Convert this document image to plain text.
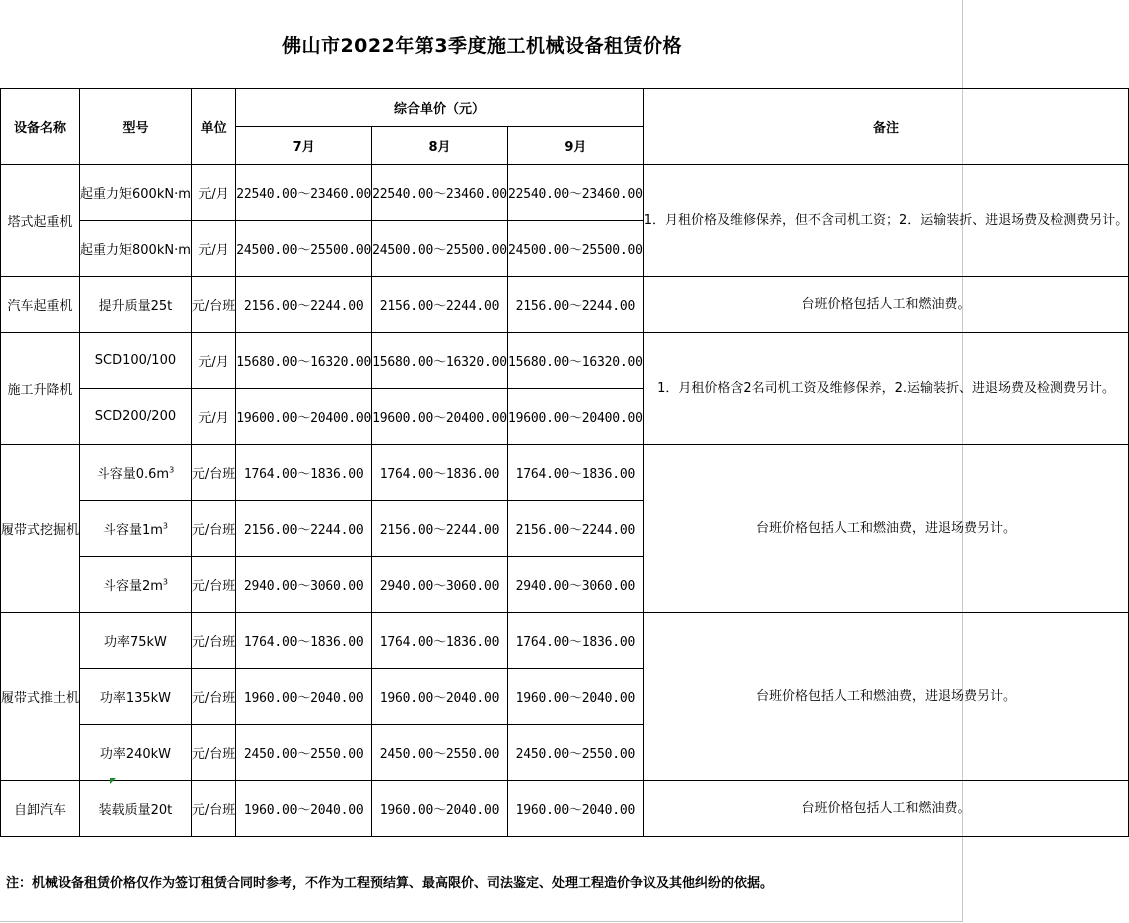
佛山市2022年第3季度施工机械设备租赁价格
设备名称	型号	单位	综合单价（元）			备注
			7月	8月	9月	
塔式起重机	起重力矩600kN·m	元/月	22540.00～23460.00	22540.00～23460.00	22540.00～23460.00	1．月租价格及维修保养，但不含司机工资；2．运输装折、进退场费及检测费另计。
	起重力矩800kN·m	元/月	24500.00～25500.00	24500.00～25500.00	24500.00～25500.00	
汽车起重机	提升质量25t	元/台班	2156.00～2244.00	2156.00～2244.00	2156.00～2244.00	台班价格包括人工和燃油费。
施工升降机	SCD100/100	元/月	15680.00～16320.00	15680.00～16320.00	15680.00～16320.00	1．月租价格含2名司机工资及维修保养，2.运输装折、进退场费及检测费另计。
	SCD200/200	元/月	19600.00～20400.00	19600.00～20400.00	19600.00～20400.00	
履带式挖掘机	斗容量$0.6m^3$	元/台班	1764.00～1836.00	1764.00～1836.00	1764.00～1836.00	台班价格包括人工和燃油费，进退场费另计。
	斗容量$1m^3$	元/台班	2156.00～2244.00	2156.00～2244.00	2156.00～2244.00	
	斗容量$2m^3$	元/台班	2940.00～3060.00	2940.00～3060.00	2940.00～3060.00	
履带式推土机	功率75kW	元/台班	1764.00～1836.00	1764.00～1836.00	1764.00～1836.00	台班价格包括人工和燃油费，进退场费另计。
	功率135kW	元/台班	1960.00～2040.00	1960.00～2040.00	1960.00～2040.00	
	功率240kW	元/台班	2450.00～2550.00	2450.00～2550.00	2450.00～2550.00	
自卸汽车	装载质量20t	元/台班	1960.00～2040.00	1960.00～2040.00	1960.00～2040.00	台班价格包括人工和燃油费。
注：机械设备租赁价格仅作为签订租赁合同时参考，不作为工程预结算、最高限价、司法鉴定、处理工程造价争议及其他纠纷的依据。
